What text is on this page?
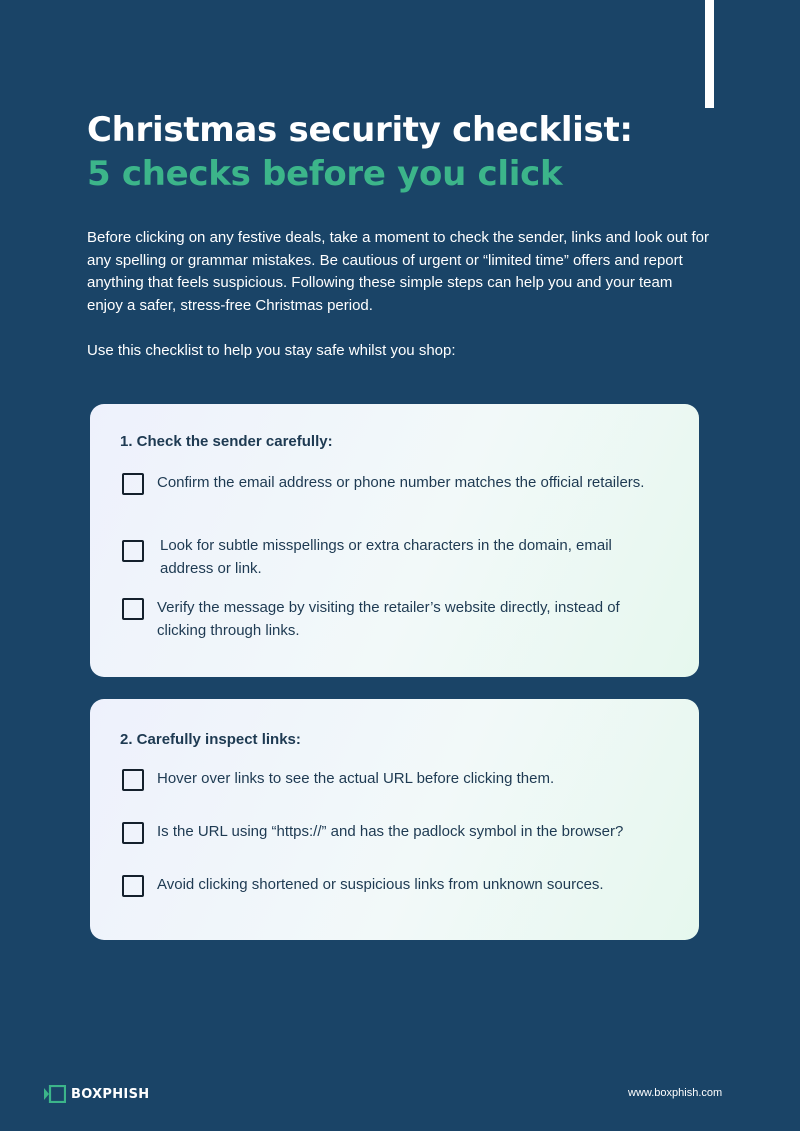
Christmas security checklist:
5 checks before you click

Before clicking on any festive deals, take a moment to check the sender, links and look out for any spelling or grammar mistakes. Be cautious of urgent or “limited time” offers and report anything that feels suspicious. Following these simple steps can help you and your team enjoy a safer, stress-free Christmas period.

Use this checklist to help you stay safe whilst you shop:

1. Check the sender carefully:
Confirm the email address or phone number matches the official retailers.
Look for subtle misspellings or extra characters in the domain, email address or link.
Verify the message by visiting the retailer’s website directly, instead of clicking through links.
2. Carefully inspect links:
Hover over links to see the actual URL before clicking them.
Is the URL using “https://” and has the padlock symbol in the browser?
Avoid clicking shortened or suspicious links from unknown sources.
BOXPHISH	www.boxphish.com
